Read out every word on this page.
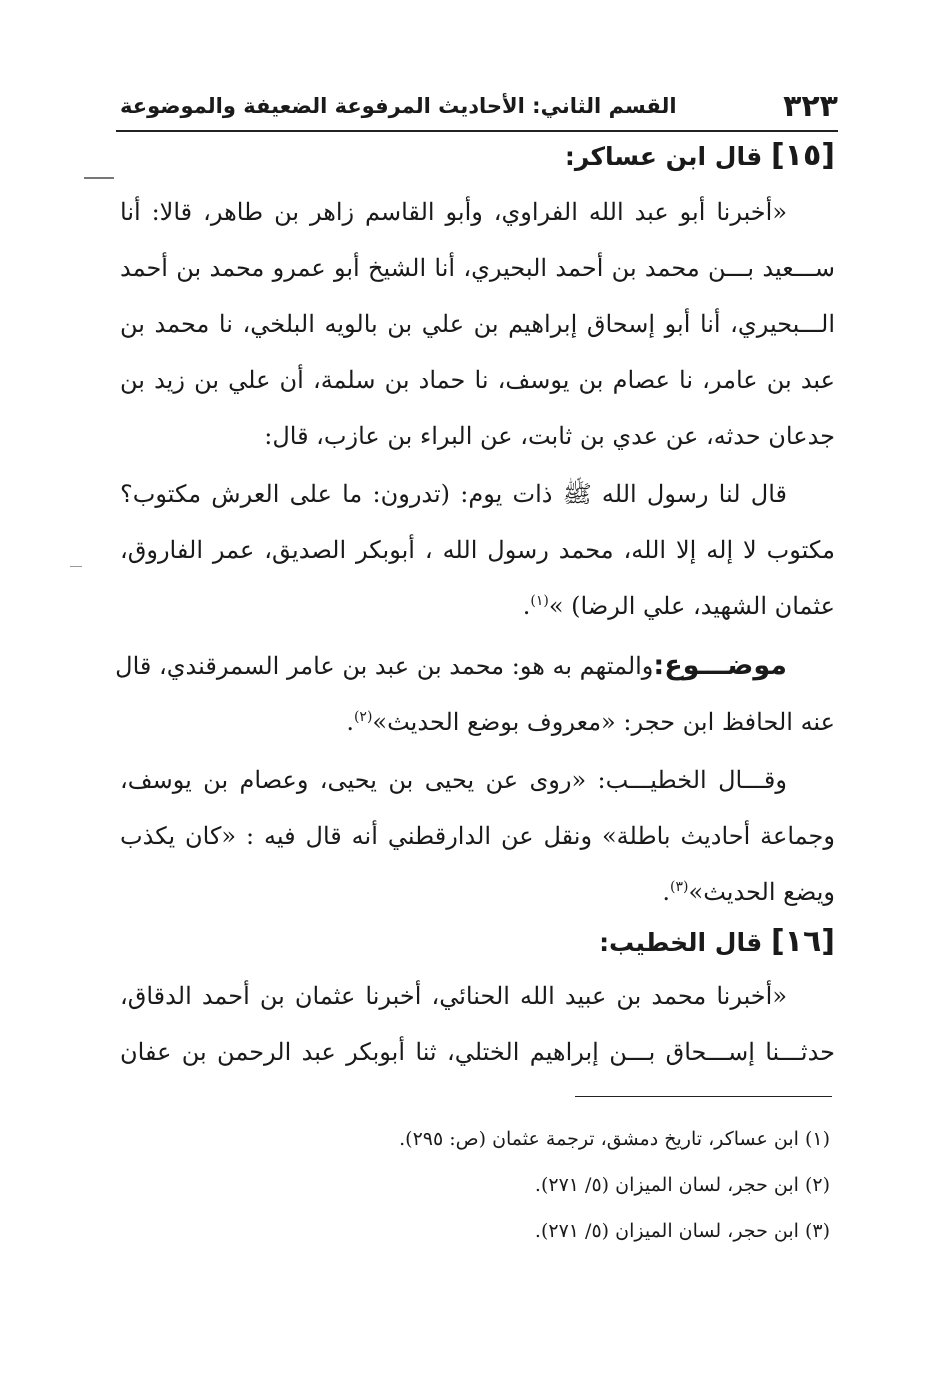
٣٢٣
القسم الثاني: الأحاديث المرفوعة الضعيفة والموضوعة
[١٥] قال ابن عساكر:
«أخبرنا أبو عبد الله الفراوي، وأبو القاسم زاهر بن طاهر، قالا: أنا
ســـعيد بـــن محمد بن أحمد البحيري، أنا الشيخ أبو عمرو محمد بن أحمد
الـــبحيري، أنا أبو إسحاق إبراهيم بن علي بن بالويه البلخي، نا محمد بن
عبد بن عامر، نا عصام بن يوسف، نا حماد بن سلمة، أن علي بن زيد بن
جدعان حدثه، عن عدي بن ثابت، عن البراء بن عازب، قال:
قال لنا رسول الله ﷺ ذات يوم: (تدرون: ما على العرش مكتوب؟
مكتوب لا إله إلا الله، محمد رسول الله ، أبوبكر الصديق، عمر الفاروق،
عثمان الشهيد، علي الرضا) »$^{(١)}$.
موضـــوع:والمتهم به هو: محمد بن عبد بن عامر السمرقندي، قال
عنه الحافظ ابن حجر: «معروف بوضع الحديث»$^{(٢)}$.
وقـــال الخطيـــب: «روى عن يحيى بن يحيى، وعصام بن يوسف،
وجماعة أحاديث باطلة» ونقل عن الدارقطني أنه قال فيه : «كان يكذب
ويضع الحديث»$^{(٣)}$.
[١٦] قال الخطيب:
«أخبرنا محمد بن عبيد الله الحنائي، أخبرنا عثمان بن أحمد الدقاق،
حدثـــنا إســـحاق بـــن إبراهيم الختلي، ثنا أبوبكر عبد الرحمن بن عفان
(١) ابن عساكر، تاريخ دمشق، ترجمة عثمان (ص: ٢٩٥).
(٢) ابن حجر، لسان الميزان (٥/ ٢٧١).
(٣) ابن حجر، لسان الميزان (٥/ ٢٧١).
